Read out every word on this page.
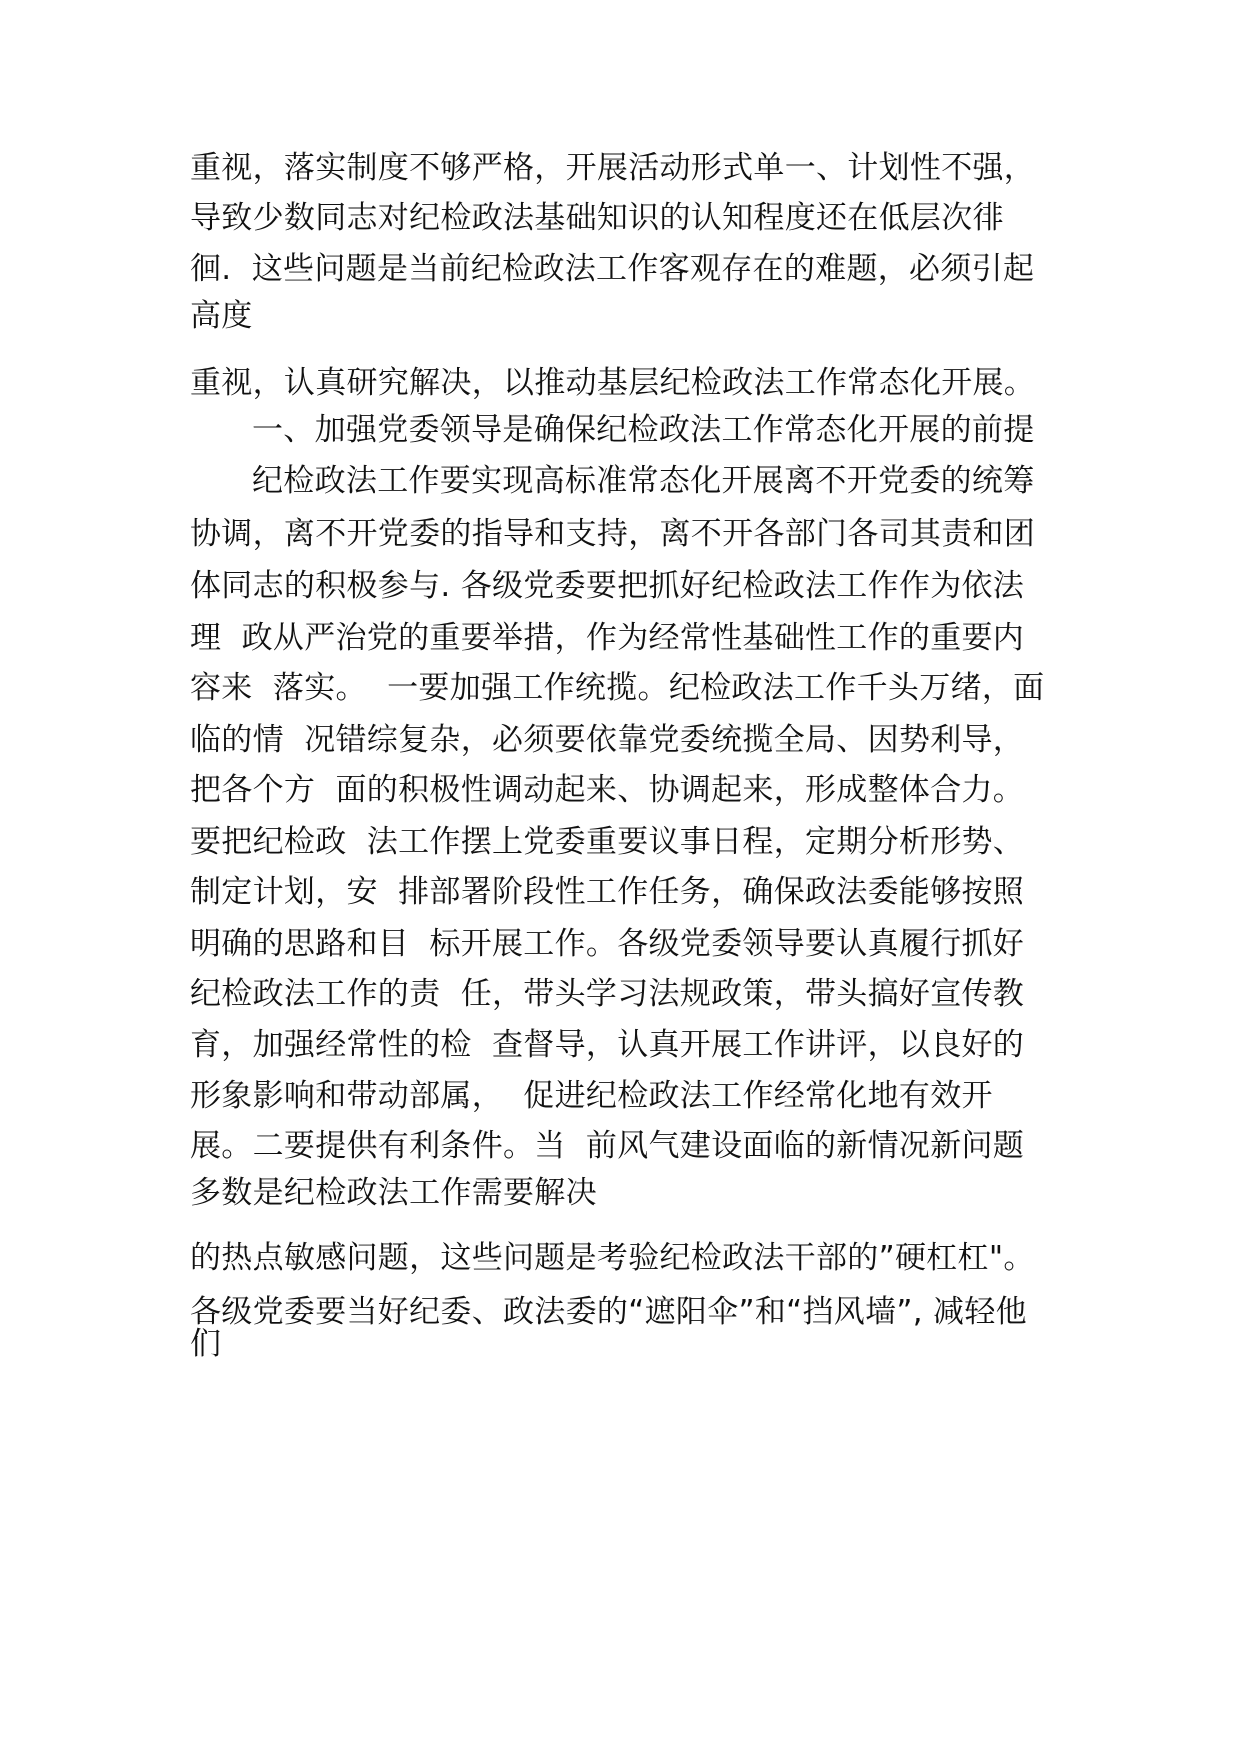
重视，落实制度不够严格，开展活动形式单一、计划性不强，
导致少数同志对纪检政法基础知识的认知程度还在低层次徘
徊.  这些问题是当前纪检政法工作客观存在的难题，必须引起
高度
重视，认真研究解决，以推动基层纪检政法工作常态化开展。
一、加强党委领导是确保纪检政法工作常态化开展的前提
纪检政法工作要实现高标准常态化开展离不开党委的统筹
协调，离不开党委的指导和支持，离不开各部门各司其责和团
体同志的积极参与. 各级党委要把抓好纪检政法工作作为依法
理  政从严治党的重要举措，作为经常性基础性工作的重要内
容来  落实。  一要加强工作统揽。纪检政法工作千头万绪，面
临的情  况错综复杂，必须要依靠党委统揽全局、因势利导，
把各个方  面的积极性调动起来、协调起来，形成整体合力。
要把纪检政  法工作摆上党委重要议事日程，定期分析形势、
制定计划，安  排部署阶段性工作任务，确保政法委能够按照
明确的思路和目  标开展工作。各级党委领导要认真履行抓好
纪检政法工作的责  任，带头学习法规政策，带头搞好宣传教
育，加强经常性的检  查督导，认真开展工作讲评，以良好的
形象影响和带动部属，  促进纪检政法工作经常化地有效开
展。二要提供有利条件。当  前风气建设面临的新情况新问题
多数是纪检政法工作需要解决
的热点敏感问题，这些问题是考验纪检政法干部的”硬杠杠"。
各级党委要当好纪委、政法委的“遮阳伞”和“挡风墙”, 减轻他
们
